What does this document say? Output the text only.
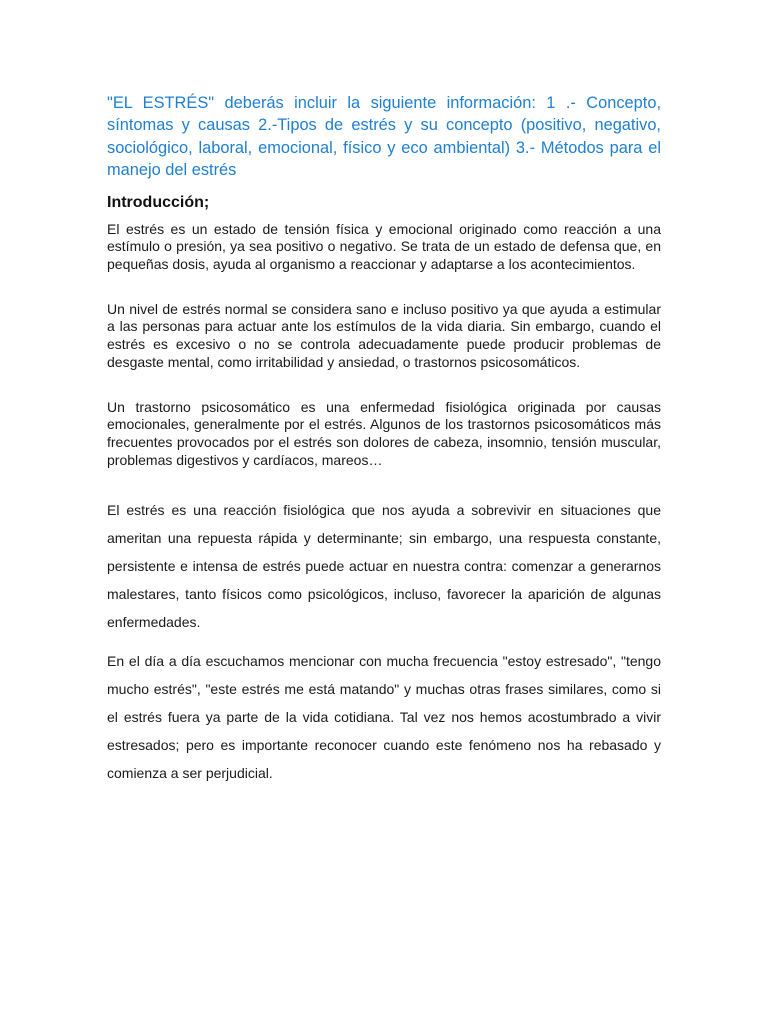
"EL ESTRÉS" deberás incluir la siguiente información: 1 .- Concepto, síntomas y causas 2.-Tipos de estrés y su concepto (positivo, negativo, sociológico, laboral, emocional, físico y eco ambiental) 3.- Métodos para el manejo del estrés
Introducción;

El estrés es un estado de tensión física y emocional originado como reacción a una estímulo o presión, ya sea positivo o negativo. Se trata de un estado de defensa que, en pequeñas dosis, ayuda al organismo a reaccionar y adaptarse a los acontecimientos.

Un nivel de estrés normal se considera sano e incluso positivo ya que ayuda a estimular a las personas para actuar ante los estímulos de la vida diaria. Sin embargo, cuando el estrés es excesivo o no se controla adecuadamente puede producir problemas de desgaste mental, como irritabilidad y ansiedad, o trastornos psicosomáticos.

Un trastorno psicosomático es una enfermedad fisiológica originada por causas emocionales, generalmente por el estrés. Algunos de los trastornos psicosomáticos más frecuentes provocados por el estrés son dolores de cabeza, insomnio, tensión muscular, problemas digestivos y cardíacos, mareos…

El estrés es una reacción fisiológica que nos ayuda a sobrevivir en situaciones que ameritan una repuesta rápida y determinante; sin embargo, una respuesta constante, persistente e intensa de estrés puede actuar en nuestra contra: comenzar a generarnos malestares, tanto físicos como psicológicos, incluso, favorecer la aparición de algunas enfermedades.

En el día a día escuchamos mencionar con mucha frecuencia "estoy estresado", "tengo mucho estrés", "este estrés me está matando" y muchas otras frases similares, como si el estrés fuera ya parte de la vida cotidiana. Tal vez nos hemos acostumbrado a vivir estresados; pero es importante reconocer cuando este fenómeno nos ha rebasado y comienza a ser perjudicial.
